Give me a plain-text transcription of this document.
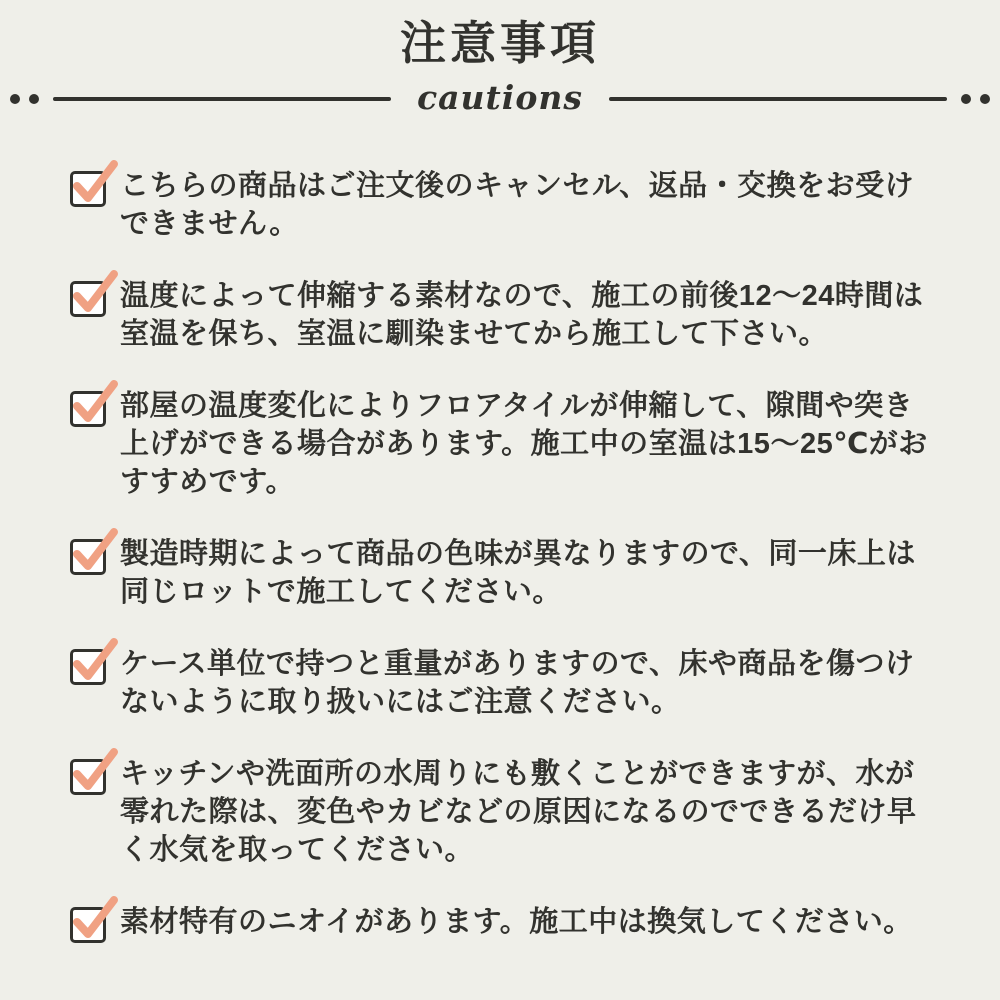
注意事項
cautions

こちらの商品はご注文後のキャンセル、返品・交換をお受けできません。

温度によって伸縮する素材なので、施工の前後12〜24時間は室温を保ち、室温に馴染ませてから施工して下さい。

部屋の温度変化によりフロアタイルが伸縮して、隙間や突き上げができる場合があります。施工中の室温は15〜25℃がおすすめです。

製造時期によって商品の色味が異なりますので、同一床上は同じロットで施工してください。

ケース単位で持つと重量がありますので、床や商品を傷つけないように取り扱いにはご注意ください。

キッチンや洗面所の水周りにも敷くことができますが、水が零れた際は、変色やカビなどの原因になるのでできるだけ早く水気を取ってください。

素材特有のニオイがあります。施工中は換気してください。
